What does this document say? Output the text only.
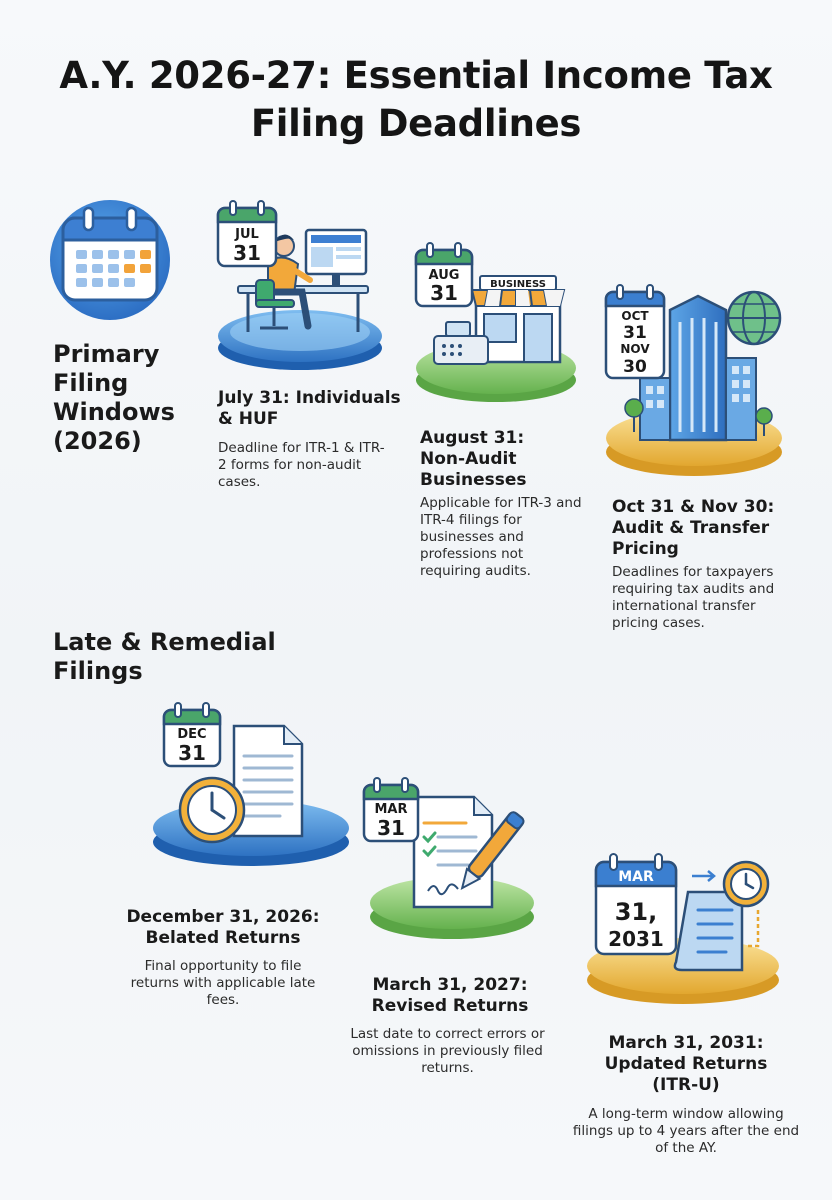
A.Y. 2026-27: Essential Income Tax Filing Deadlines
Primary Filing Windows (2026)
JUL
31
July 31: Individuals & HUF
Deadline for ITR-1 & ITR-2 forms for non-audit cases.
BUSINESS
AUG
31
August 31: Non-Audit Businesses
Applicable for ITR-3 and ITR-4 filings for businesses and professions not requiring audits.
OCT
31
NOV
30
Oct 31 & Nov 30: Audit & Transfer Pricing
Deadlines for taxpayers requiring tax audits and international transfer pricing cases.
Late & Remedial Filings
DEC
31
December 31, 2026: Belated Returns
Final opportunity to file returns with applicable late fees.
MAR
31
March 31, 2027: Revised Returns
Last date to correct errors or omissions in previously filed returns.
MAR
31,
2031
March 31, 2031: Updated Returns (ITR-U)
A long-term window allowing filings up to 4 years after the end of the AY.
